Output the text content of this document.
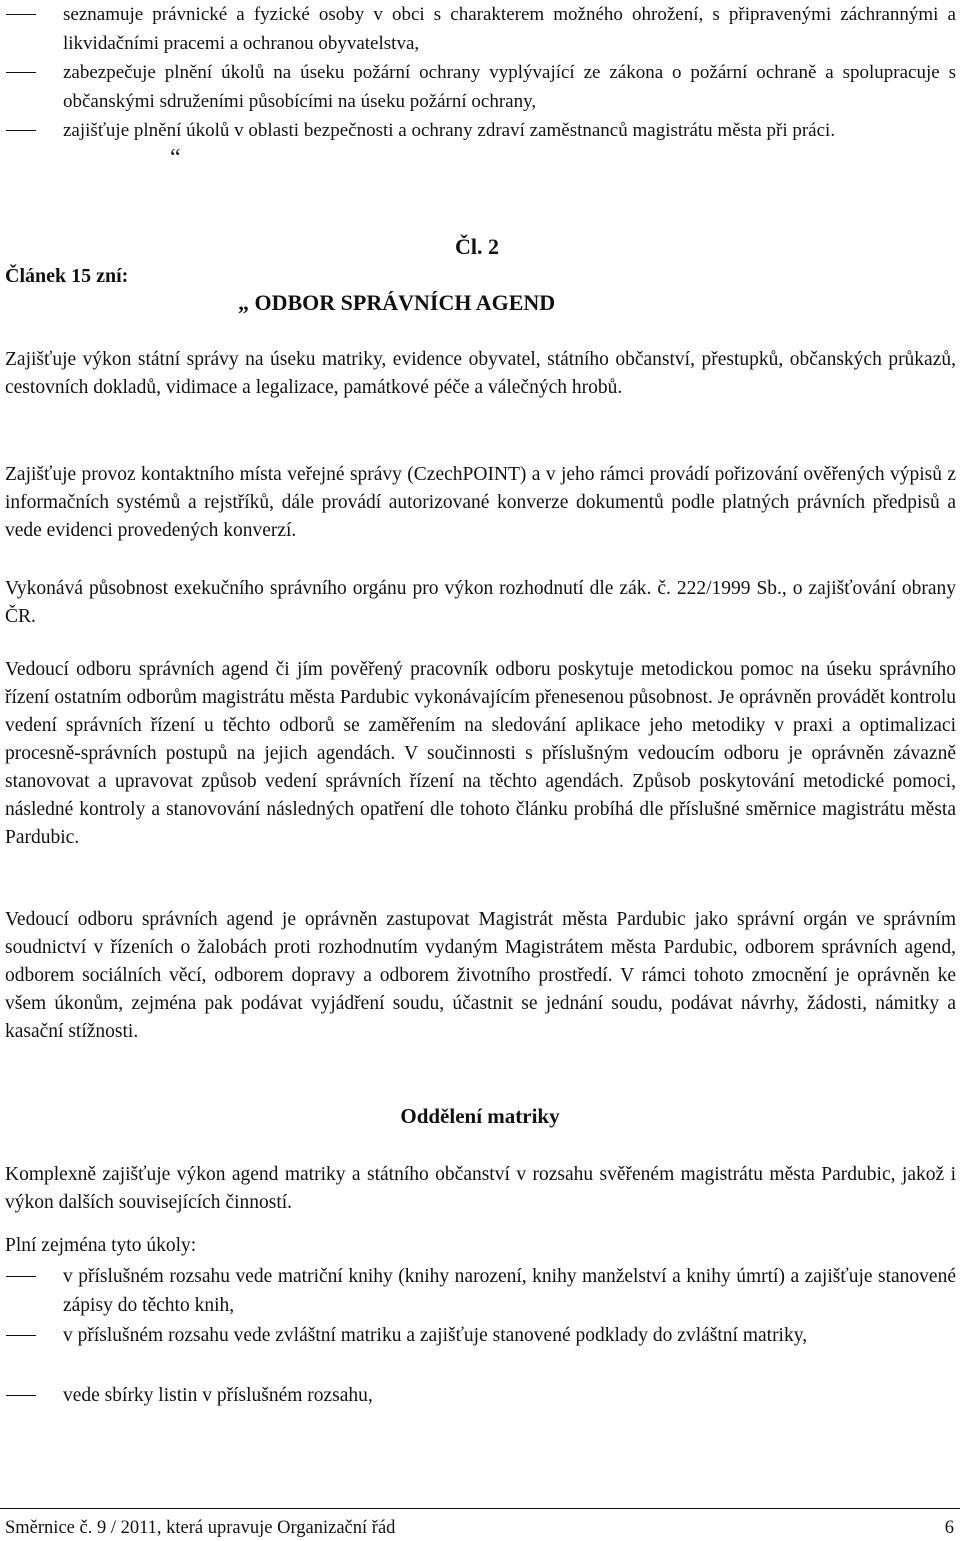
seznamuje právnické a fyzické osoby v obci s charakterem možného ohrožení, s připravenými záchrannými a likvidačními pracemi a ochranou obyvatelstva,
zabezpečuje plnění úkolů na úseku požární ochrany vyplývající ze zákona o požární ochraně a spolupracuje s občanskými sdruženími působícími na úseku požární ochrany,
zajišťuje plnění úkolů v oblasti bezpečnosti a ochrany zdraví zaměstnanců magistrátu města při práci.
“
Článek 15 zní:
Čl. 2
„ ODBOR SPRÁVNÍCH AGEND
Zajišťuje výkon státní správy na úseku matriky, evidence obyvatel, státního občanství, přestupků, občanských průkazů, cestovních dokladů, vidimace a legalizace, památkové péče a válečných hrobů.
Zajišťuje provoz kontaktního místa veřejné správy (CzechPOINT) a v jeho rámci provádí pořizování ověřených výpisů z informačních systémů a rejstříků, dále provádí autorizované konverze dokumentů podle platných právních předpisů a vede evidenci provedených konverzí.
Vykonává působnost exekučního správního orgánu pro výkon rozhodnutí dle zák. č. 222/1999 Sb., o zajišťování obrany ČR.
Vedoucí odboru správních agend či jím pověřený pracovník odboru poskytuje metodickou pomoc na úseku správního řízení ostatním odborům magistrátu města Pardubic vykonávajícím přenesenou působnost. Je oprávněn provádět kontrolu vedení správních řízení u těchto odborů se zaměřením na sledování aplikace jeho metodiky v praxi a optimalizaci procesně-správních postupů na jejich agendách. V součinnosti s příslušným vedoucím odboru je oprávněn závazně stanovovat a upravovat způsob vedení správních řízení na těchto agendách. Způsob poskytování metodické pomoci, následné kontroly a stanovování následných opatření dle tohoto článku probíhá dle příslušné směrnice magistrátu města Pardubic.
Vedoucí odboru správních agend je oprávněn zastupovat Magistrát města Pardubic jako správní orgán ve správním soudnictví v řízeních o žalobách proti rozhodnutím vydaným Magistrátem města Pardubic, odborem správních agend, odborem sociálních věcí, odborem dopravy a odborem životního prostředí. V rámci tohoto zmocnění je oprávněn ke všem úkonům, zejména pak podávat vyjádření soudu, účastnit se jednání soudu, podávat návrhy, žádosti, námitky a kasační stížnosti.
Oddělení matriky
Komplexně zajišťuje výkon agend matriky a státního občanství v rozsahu svěřeném magistrátu města Pardubic, jakož i výkon dalších souvisejících činností.
Plní zejména tyto úkoly:
v příslušném rozsahu vede matriční knihy (knihy narození, knihy manželství a knihy úmrtí) a zajišťuje stanovené zápisy do těchto knih,
v příslušném rozsahu vede zvláštní matriku a zajišťuje stanovené podklady do zvláštní matriky,
vede sbírky listin v příslušném rozsahu,
Směrnice č. 9 / 2011, která upravuje Organizační řád	6
